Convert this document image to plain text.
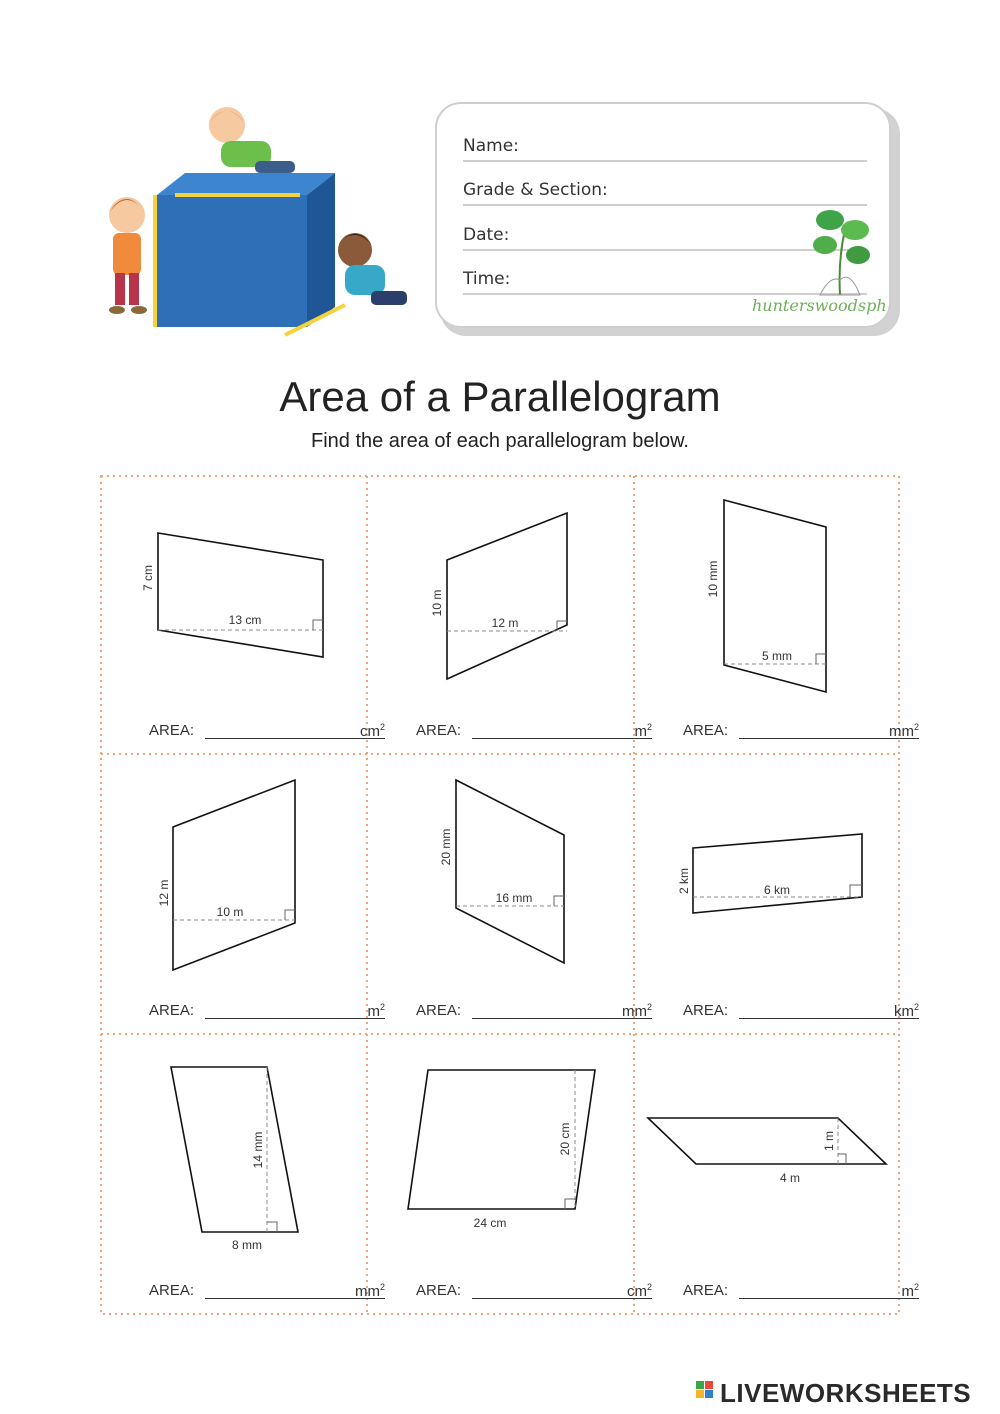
Name:
Grade & Section:
Date:
Time:
hunterswoodsph
Area of a Parallelogram
Find the area of each parallelogram below.
13 cm
7 cm
12 m
10 m
5 mm
10 mm
10 m
12 m	16 mm
20 mm
6 km
2 km
8 mm
14 mm
24 cm
20 cm
4 m
1 m
AREA:	$cm^2$ AREA:	$m^2$ AREA:	$mm^2$
AREA:	$m^2$ AREA:	$mm^2$ AREA:	$km^2$
AREA:	$mm^2$ AREA:	$cm^2$ AREA:	$m^2$
LIVEWORKSHEETS
